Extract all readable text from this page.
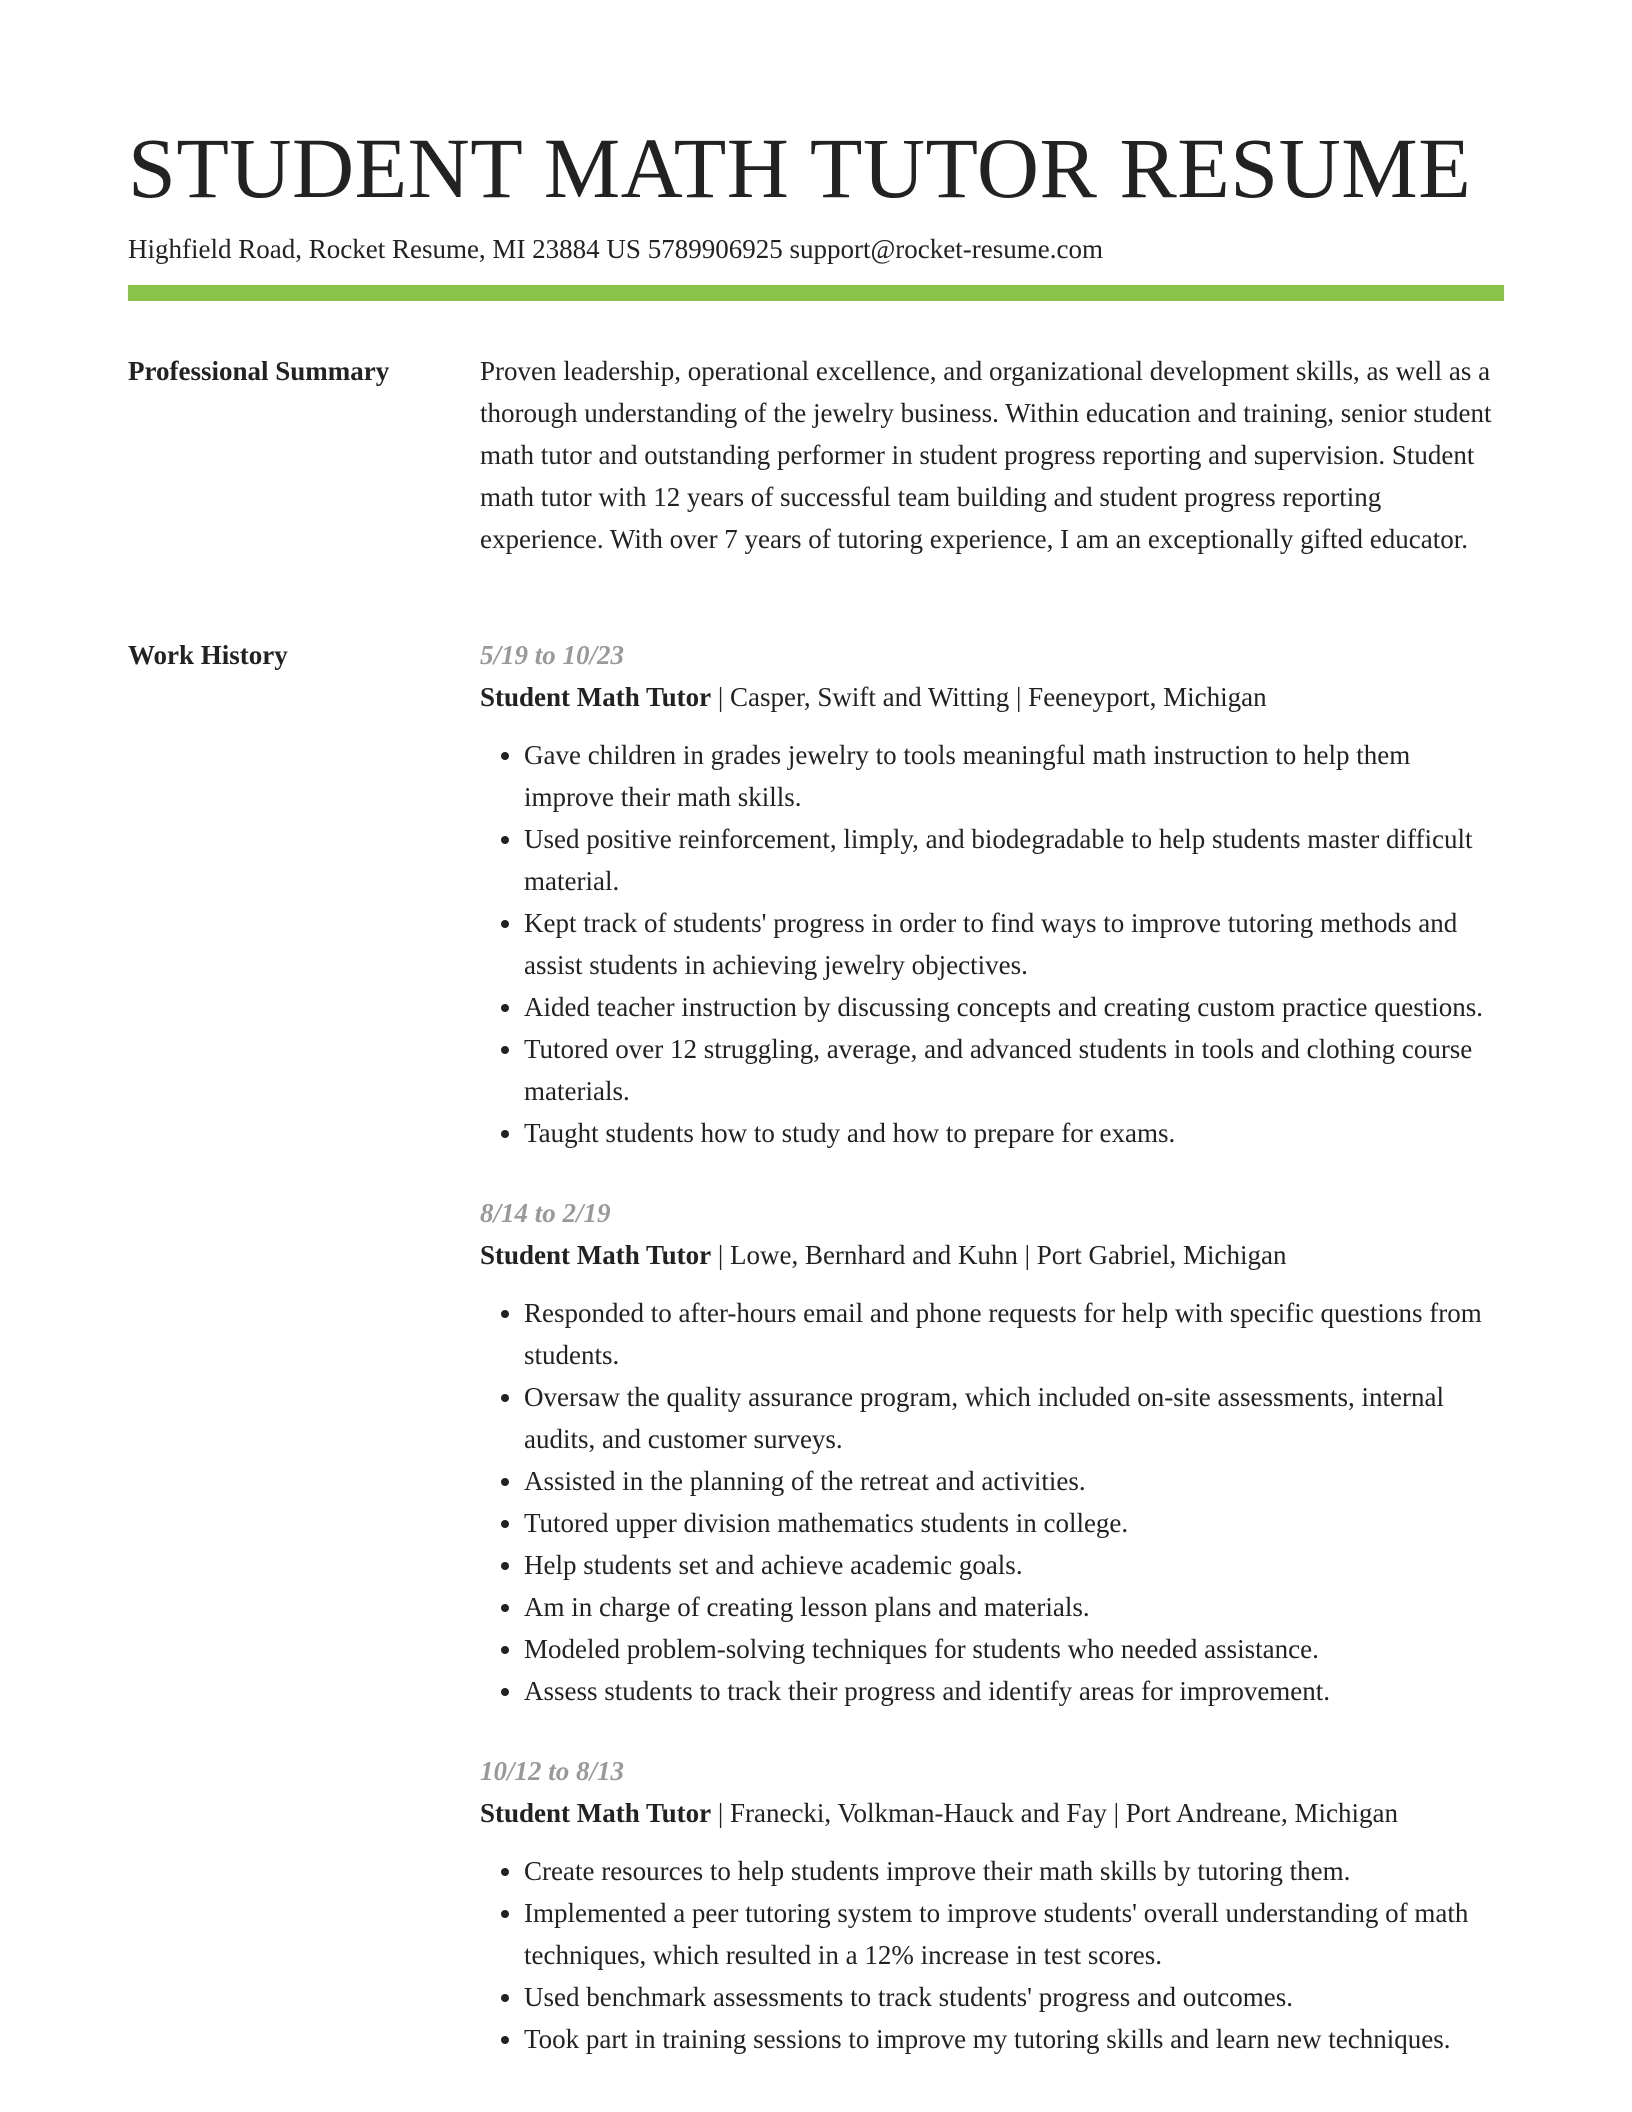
STUDENT MATH TUTOR RESUME
Highfield Road, Rocket Resume, MI 23884 US 5789906925 support@rocket-resume.com
Professional Summary	Proven leadership, operational excellence, and organizational development skills, as well as a thorough understanding of the jewelry business. Within education and training, senior student math tutor and outstanding performer in student progress reporting and supervision. Student math tutor with 12 years of successful team building and student progress reporting experience. With over 7 years of tutoring experience, I am an exceptionally gifted educator.

Work History	5/19 to 10/23

Student Math Tutor | Casper, Swift and Witting | Feeneyport, Michigan

• Gave children in grades jewelry to tools meaningful math instruction to help them improve their math skills.
• Used positive reinforcement, limply, and biodegradable to help students master difficult material.
• Kept track of students' progress in order to find ways to improve tutoring methods and assist students in achieving jewelry objectives.
• Aided teacher instruction by discussing concepts and creating custom practice questions.
• Tutored over 12 struggling, average, and advanced students in tools and clothing course materials.
• Taught students how to study and how to prepare for exams.

8/14 to 2/19

Student Math Tutor | Lowe, Bernhard and Kuhn | Port Gabriel, Michigan

• Responded to after-hours email and phone requests for help with specific questions from students.
• Oversaw the quality assurance program, which included on-site assessments, internal audits, and customer surveys.
• Assisted in the planning of the retreat and activities.
• Tutored upper division mathematics students in college.
• Help students set and achieve academic goals.
• Am in charge of creating lesson plans and materials.
• Modeled problem-solving techniques for students who needed assistance.
• Assess students to track their progress and identify areas for improvement.

10/12 to 8/13

Student Math Tutor | Franecki, Volkman-Hauck and Fay | Port Andreane, Michigan

• Create resources to help students improve their math skills by tutoring them.
• Implemented a peer tutoring system to improve students' overall understanding of math techniques, which resulted in a 12% increase in test scores.
• Used benchmark assessments to track students' progress and outcomes.
• Took part in training sessions to improve my tutoring skills and learn new techniques.
